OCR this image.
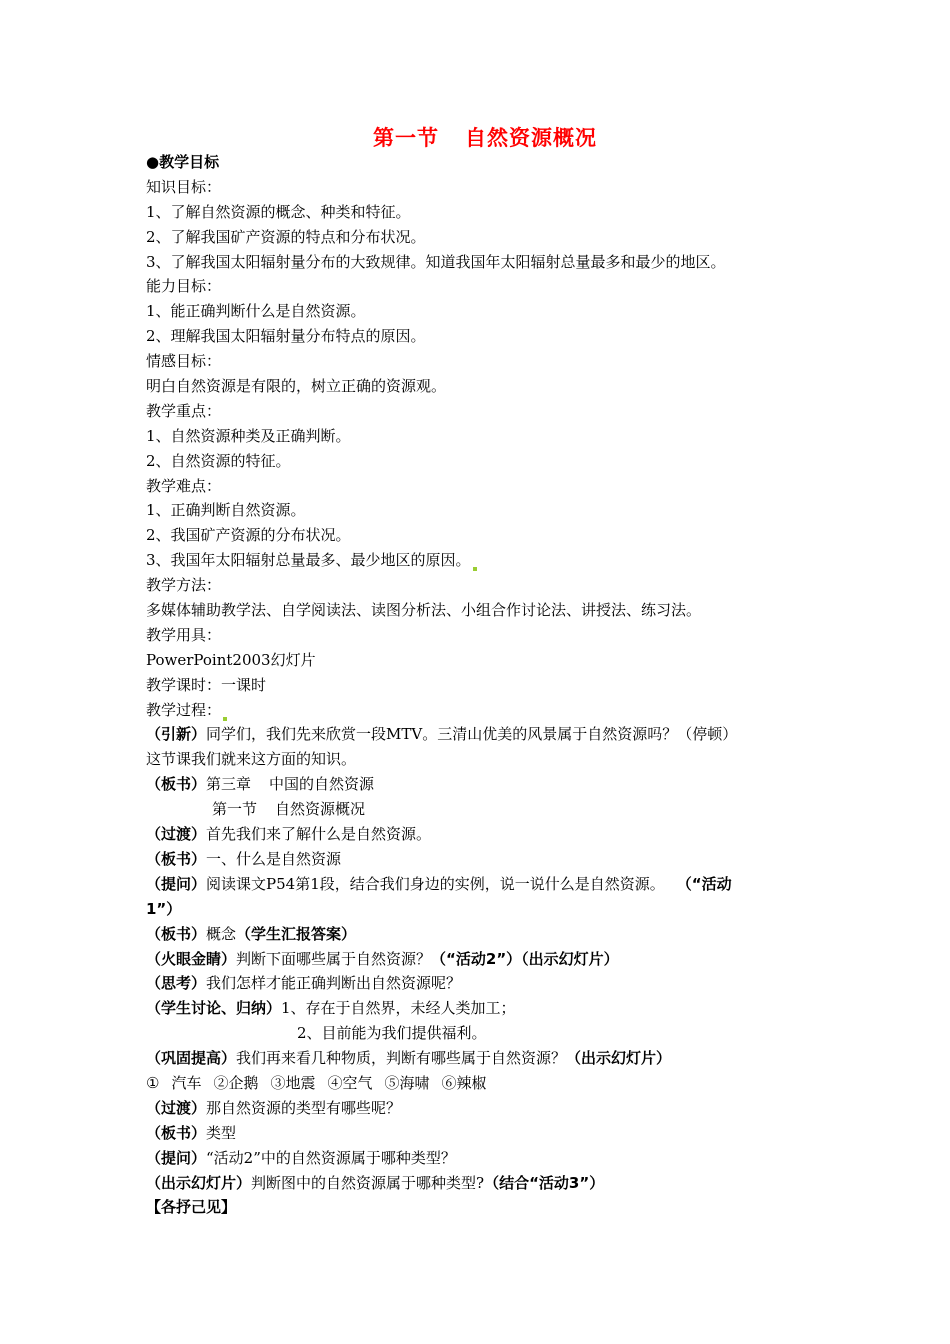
第一节 自然资源概况
●教学目标
知识目标：
1、了解自然资源的概念、种类和特征。
2、了解我国矿产资源的特点和分布状况。
3、了解我国太阳辐射量分布的大致规律。知道我国年太阳辐射总量最多和最少的地区。
能力目标：
1、能正确判断什么是自然资源。
2、理解我国太阳辐射量分布特点的原因。
情感目标：
明白自然资源是有限的，树立正确的资源观。
教学重点：
1、自然资源种类及正确判断。
2、自然资源的特征。
教学难点：
1、正确判断自然资源。
2、我国矿产资源的分布状况。
3、我国年太阳辐射总量最多、最少地区的原因。
教学方法：
多媒体辅助教学法、自学阅读法、读图分析法、小组合作讨论法、讲授法、练习法。
教学用具：
PowerPoint2003幻灯片
教学课时：一课时
教学过程：
（引新）同学们，我们先来欣赏一段MTV。三清山优美的风景属于自然资源吗？（停顿）
这节课我们就来这方面的知识。
（板书）第三章 中国的自然资源
第一节 自然资源概况
（过渡）首先我们来了解什么是自然资源。
（板书）一、什么是自然资源
（提问）阅读课文P54第1段，结合我们身边的实例，说一说什么是自然资源。 （“活动
1”）
（板书）概念（学生汇报答案）
（火眼金睛）判断下面哪些属于自然资源？（“活动2”）（出示幻灯片）
（思考）我们怎样才能正确判断出自然资源呢？
（学生讨论、归纳）1、存在于自然界，未经人类加工；
2、目前能为我们提供福利。
（巩固提高）我们再来看几种物质，判断有哪些属于自然资源？（出示幻灯片）
① 汽车 ②企鹅 ③地震 ④空气 ⑤海啸 ⑥辣椒
（过渡）那自然资源的类型有哪些呢？
（板书）类型
（提问）“活动2”中的自然资源属于哪种类型？
（出示幻灯片）判断图中的自然资源属于哪种类型?（结合“活动3”）
【各抒己见】
